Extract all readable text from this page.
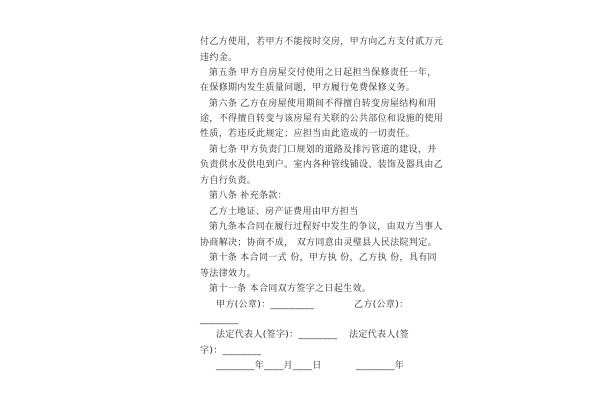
付乙方使用，若甲方不能按时交房，甲方向乙方支付贰万元

违约金。

第五条 甲方自房屋交付使用之日起担当保修责任一年，

在保修期内发生质量问题，甲方履行免费保修义务。

第六条 乙方在房屋使用期间不得擅自转变房屋结构和用

途，不得擅自转变与该房屋有关联的公共部位和设施的使用

性质，若违反此规定；应担当由此造成的一切责任。

第七条 甲方负责门口规划的道路及排污管道的建设，并

负责供水及供电到户。室内各种管线铺设、装饰及器具由乙

方自行负责。

第八条 补充条款：

乙方土地证、房产证费用由甲方担当

第九条本合同在履行过程好中发生的争议，由双方当事人

协商解决；协商不成， 双方同意由灵璧县人民法院判定。

第十条 本合同一式 份，甲方执 份，乙方执 份，具有同

等法律效力。

第十一条 本合同双方签字之日起生效。

甲方(公章)：_________	乙方(公章)：

________

法定代表人(签字)：________ 法定代表人(签

字)：________

________年____月____日	________年
